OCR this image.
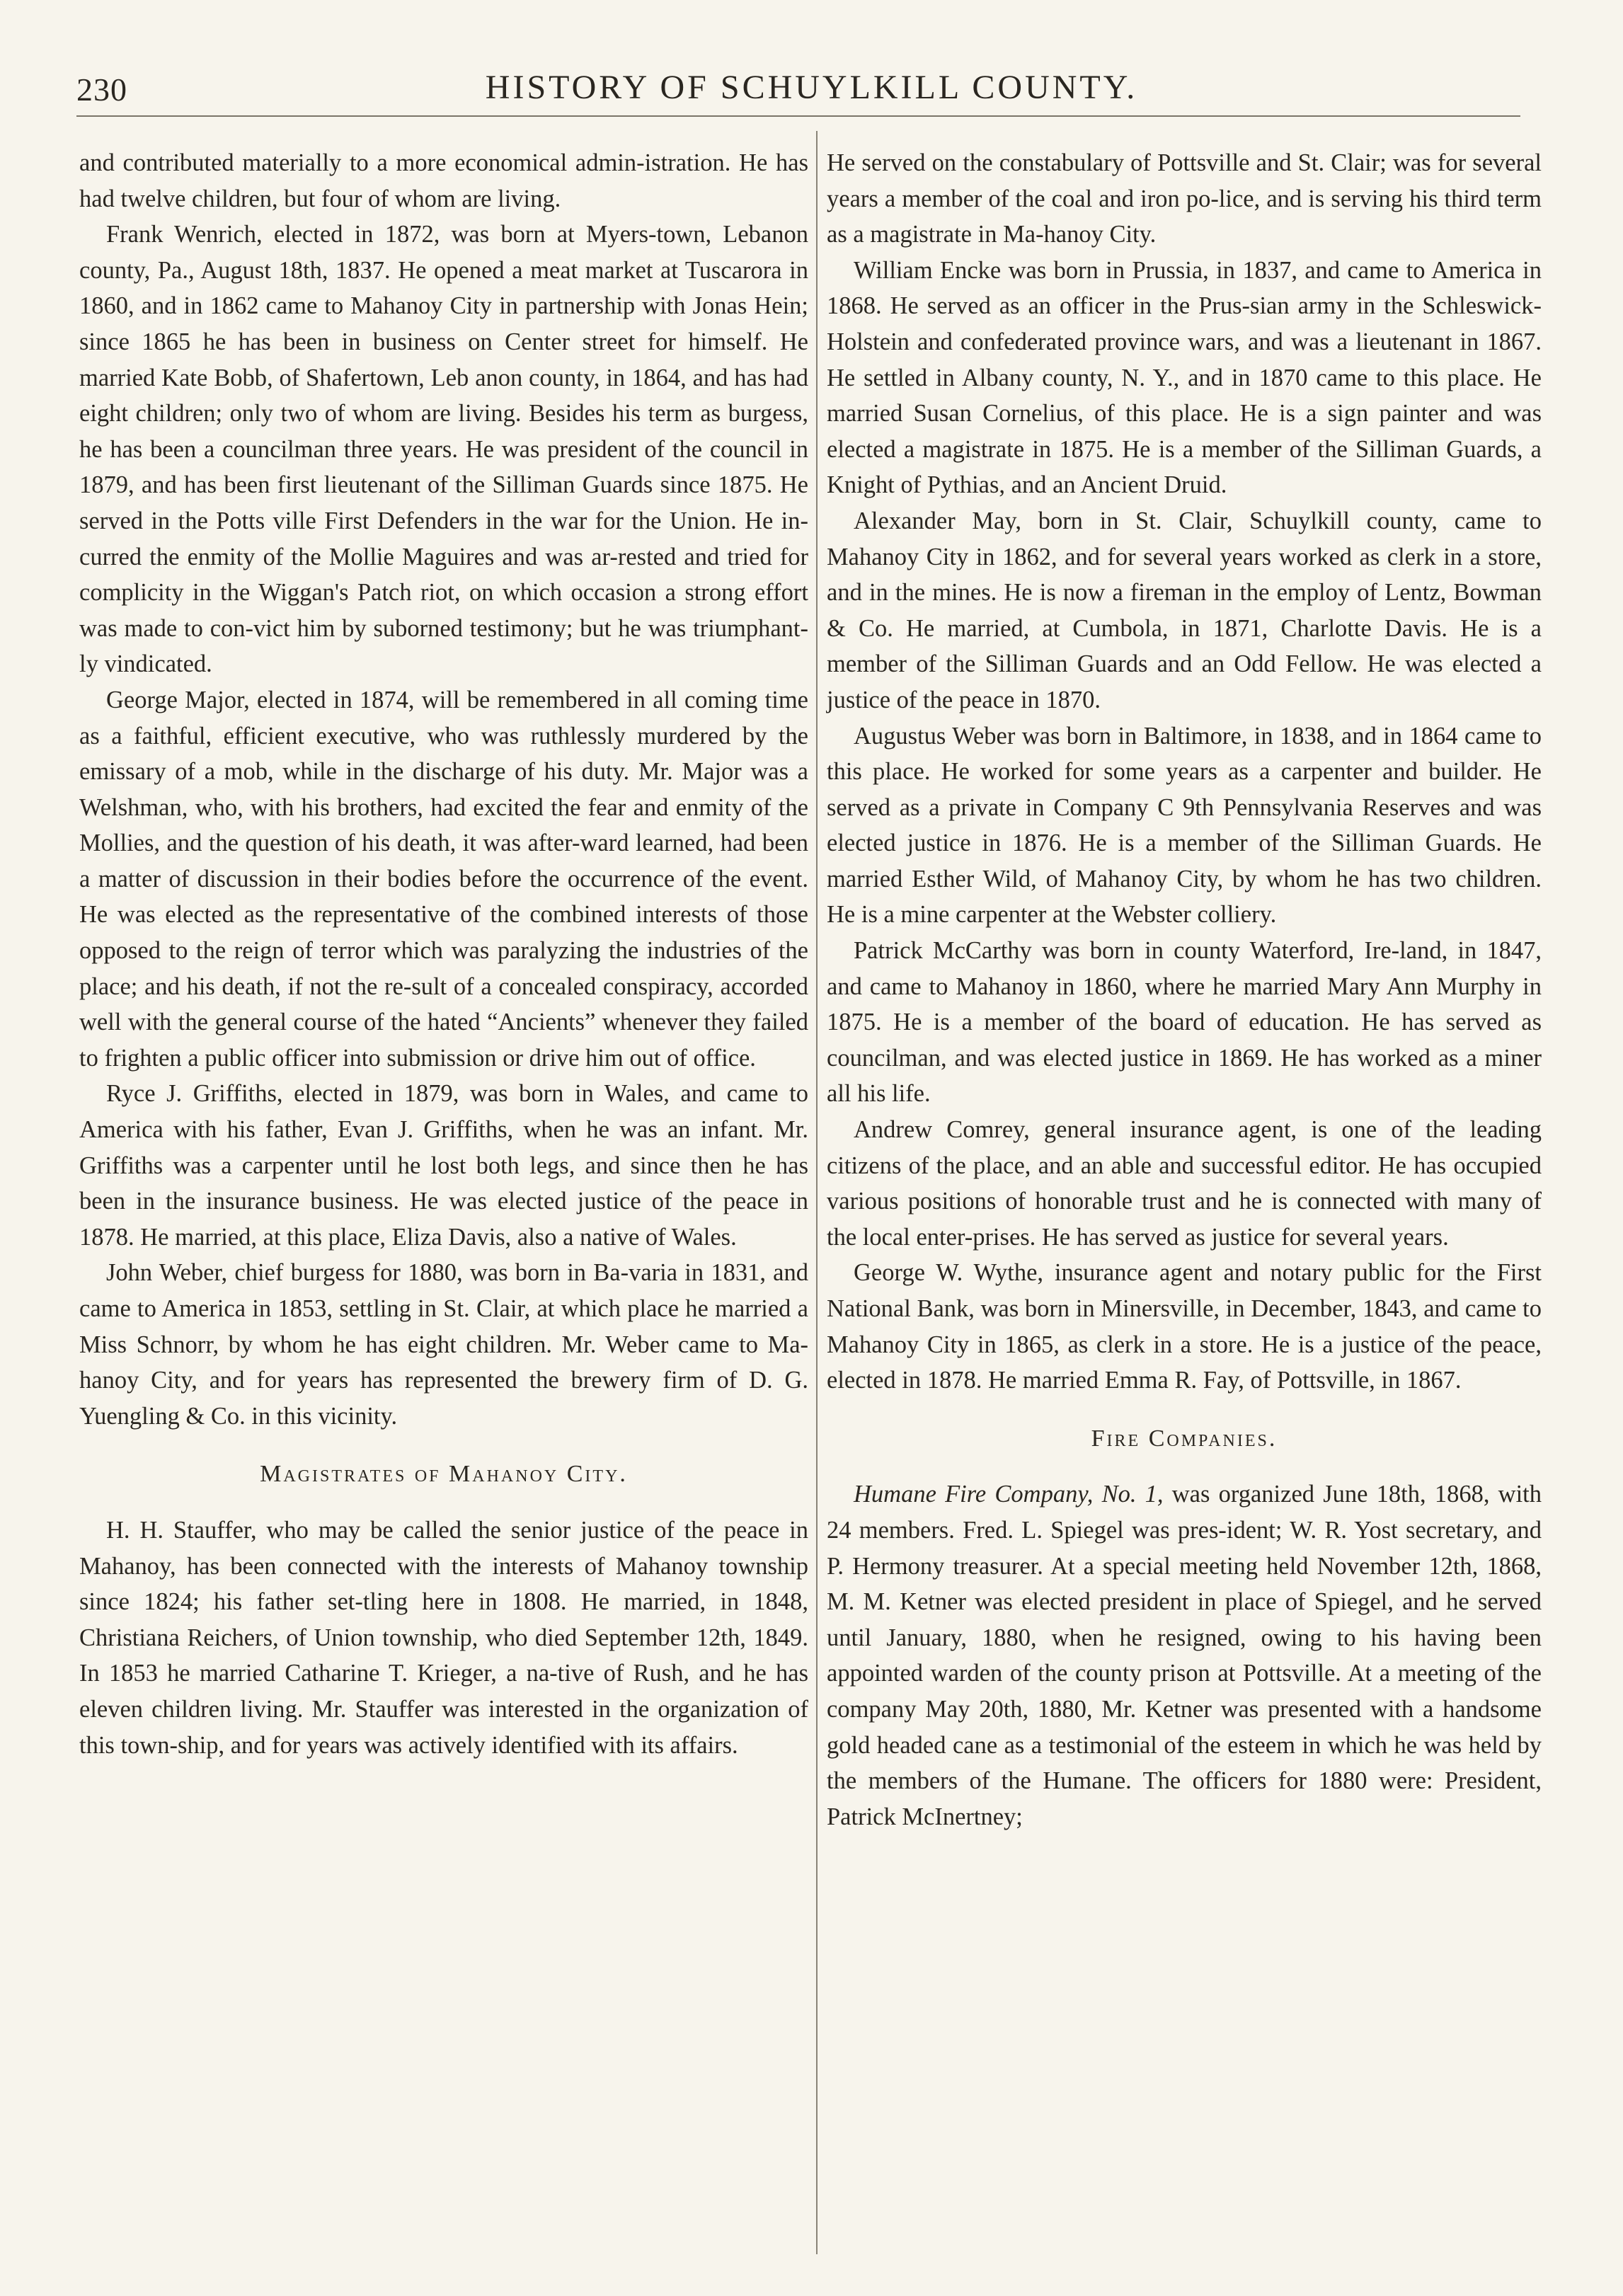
230	HISTORY OF SCHUYLKILL COUNTY.

and contributed materially to a more economical admin-istration. He has had twelve children, but four of whom are living.

Frank Wenrich, elected in 1872, was born at Myers-town, Lebanon county, Pa., August 18th, 1837. He opened a meat market at Tuscarora in 1860, and in 1862 came to Mahanoy City in partnership with Jonas Hein; since 1865 he has been in business on Center street for himself. He married Kate Bobb, of Shafertown, Leb anon county, in 1864, and has had eight children; only two of whom are living. Besides his term as burgess, he has been a councilman three years. He was president of the council in 1879, and has been first lieutenant of the Silliman Guards since 1875. He served in the Potts ville First Defenders in the war for the Union. He in-curred the enmity of the Mollie Maguires and was ar-rested and tried for complicity in the Wiggan's Patch riot, on which occasion a strong effort was made to con-vict him by suborned testimony; but he was triumphant-ly vindicated.

George Major, elected in 1874, will be remembered in all coming time as a faithful, efficient executive, who was ruthlessly murdered by the emissary of a mob, while in the discharge of his duty. Mr. Major was a Welshman, who, with his brothers, had excited the fear and enmity of the Mollies, and the question of his death, it was after-ward learned, had been a matter of discussion in their bodies before the occurrence of the event. He was elected as the representative of the combined interests of those opposed to the reign of terror which was paralyzing the industries of the place; and his death, if not the re-sult of a concealed conspiracy, accorded well with the general course of the hated “Ancients” whenever they failed to frighten a public officer into submission or drive him out of office.

Ryce J. Griffiths, elected in 1879, was born in Wales, and came to America with his father, Evan J. Griffiths, when he was an infant. Mr. Griffiths was a carpenter until he lost both legs, and since then he has been in the insurance business. He was elected justice of the peace in 1878. He married, at this place, Eliza Davis, also a native of Wales.

John Weber, chief burgess for 1880, was born in Ba-varia in 1831, and came to America in 1853, settling in St. Clair, at which place he married a Miss Schnorr, by whom he has eight children. Mr. Weber came to Ma-hanoy City, and for years has represented the brewery firm of D. G. Yuengling & Co. in this vicinity.

Magistrates of Mahanoy City.

H. H. Stauffer, who may be called the senior justice of the peace in Mahanoy, has been connected with the interests of Mahanoy township since 1824; his father set-tling here in 1808. He married, in 1848, Christiana Reichers, of Union township, who died September 12th, 1849. In 1853 he married Catharine T. Krieger, a na-tive of Rush, and he has eleven children living. Mr. Stauffer was interested in the organization of this town-ship, and for years was actively identified with its affairs.

He served on the constabulary of Pottsville and St. Clair; was for several years a member of the coal and iron po-lice, and is serving his third term as a magistrate in Ma-hanoy City.

William Encke was born in Prussia, in 1837, and came to America in 1868. He served as an officer in the Prus-sian army in the Schleswick-Holstein and confederated province wars, and was a lieutenant in 1867. He settled in Albany county, N. Y., and in 1870 came to this place. He married Susan Cornelius, of this place. He is a sign painter and was elected a magistrate in 1875. He is a member of the Silliman Guards, a Knight of Pythias, and an Ancient Druid.

Alexander May, born in St. Clair, Schuylkill county, came to Mahanoy City in 1862, and for several years worked as clerk in a store, and in the mines. He is now a fireman in the employ of Lentz, Bowman & Co. He married, at Cumbola, in 1871, Charlotte Davis. He is a member of the Silliman Guards and an Odd Fellow. He was elected a justice of the peace in 1870.

Augustus Weber was born in Baltimore, in 1838, and in 1864 came to this place. He worked for some years as a carpenter and builder. He served as a private in Company C 9th Pennsylvania Reserves and was elected justice in 1876. He is a member of the Silliman Guards. He married Esther Wild, of Mahanoy City, by whom he has two children. He is a mine carpenter at the Webster colliery.

Patrick McCarthy was born in county Waterford, Ire-land, in 1847, and came to Mahanoy in 1860, where he married Mary Ann Murphy in 1875. He is a member of the board of education. He has served as councilman, and was elected justice in 1869. He has worked as a miner all his life.

Andrew Comrey, general insurance agent, is one of the leading citizens of the place, and an able and successful editor. He has occupied various positions of honorable trust and he is connected with many of the local enter-prises. He has served as justice for several years.

George W. Wythe, insurance agent and notary public for the First National Bank, was born in Minersville, in December, 1843, and came to Mahanoy City in 1865, as clerk in a store. He is a justice of the peace, elected in 1878. He married Emma R. Fay, of Pottsville, in 1867.

Fire Companies.

Humane Fire Company, No. 1, was organized June 18th, 1868, with 24 members. Fred. L. Spiegel was pres-ident; W. R. Yost secretary, and P. Hermony treasurer. At a special meeting held November 12th, 1868, M. M. Ketner was elected president in place of Spiegel, and he served until January, 1880, when he resigned, owing to his having been appointed warden of the county prison at Pottsville. At a meeting of the company May 20th, 1880, Mr. Ketner was presented with a handsome gold headed cane as a testimonial of the esteem in which he was held by the members of the Humane. The officers for 1880 were: President, Patrick McInertney;
